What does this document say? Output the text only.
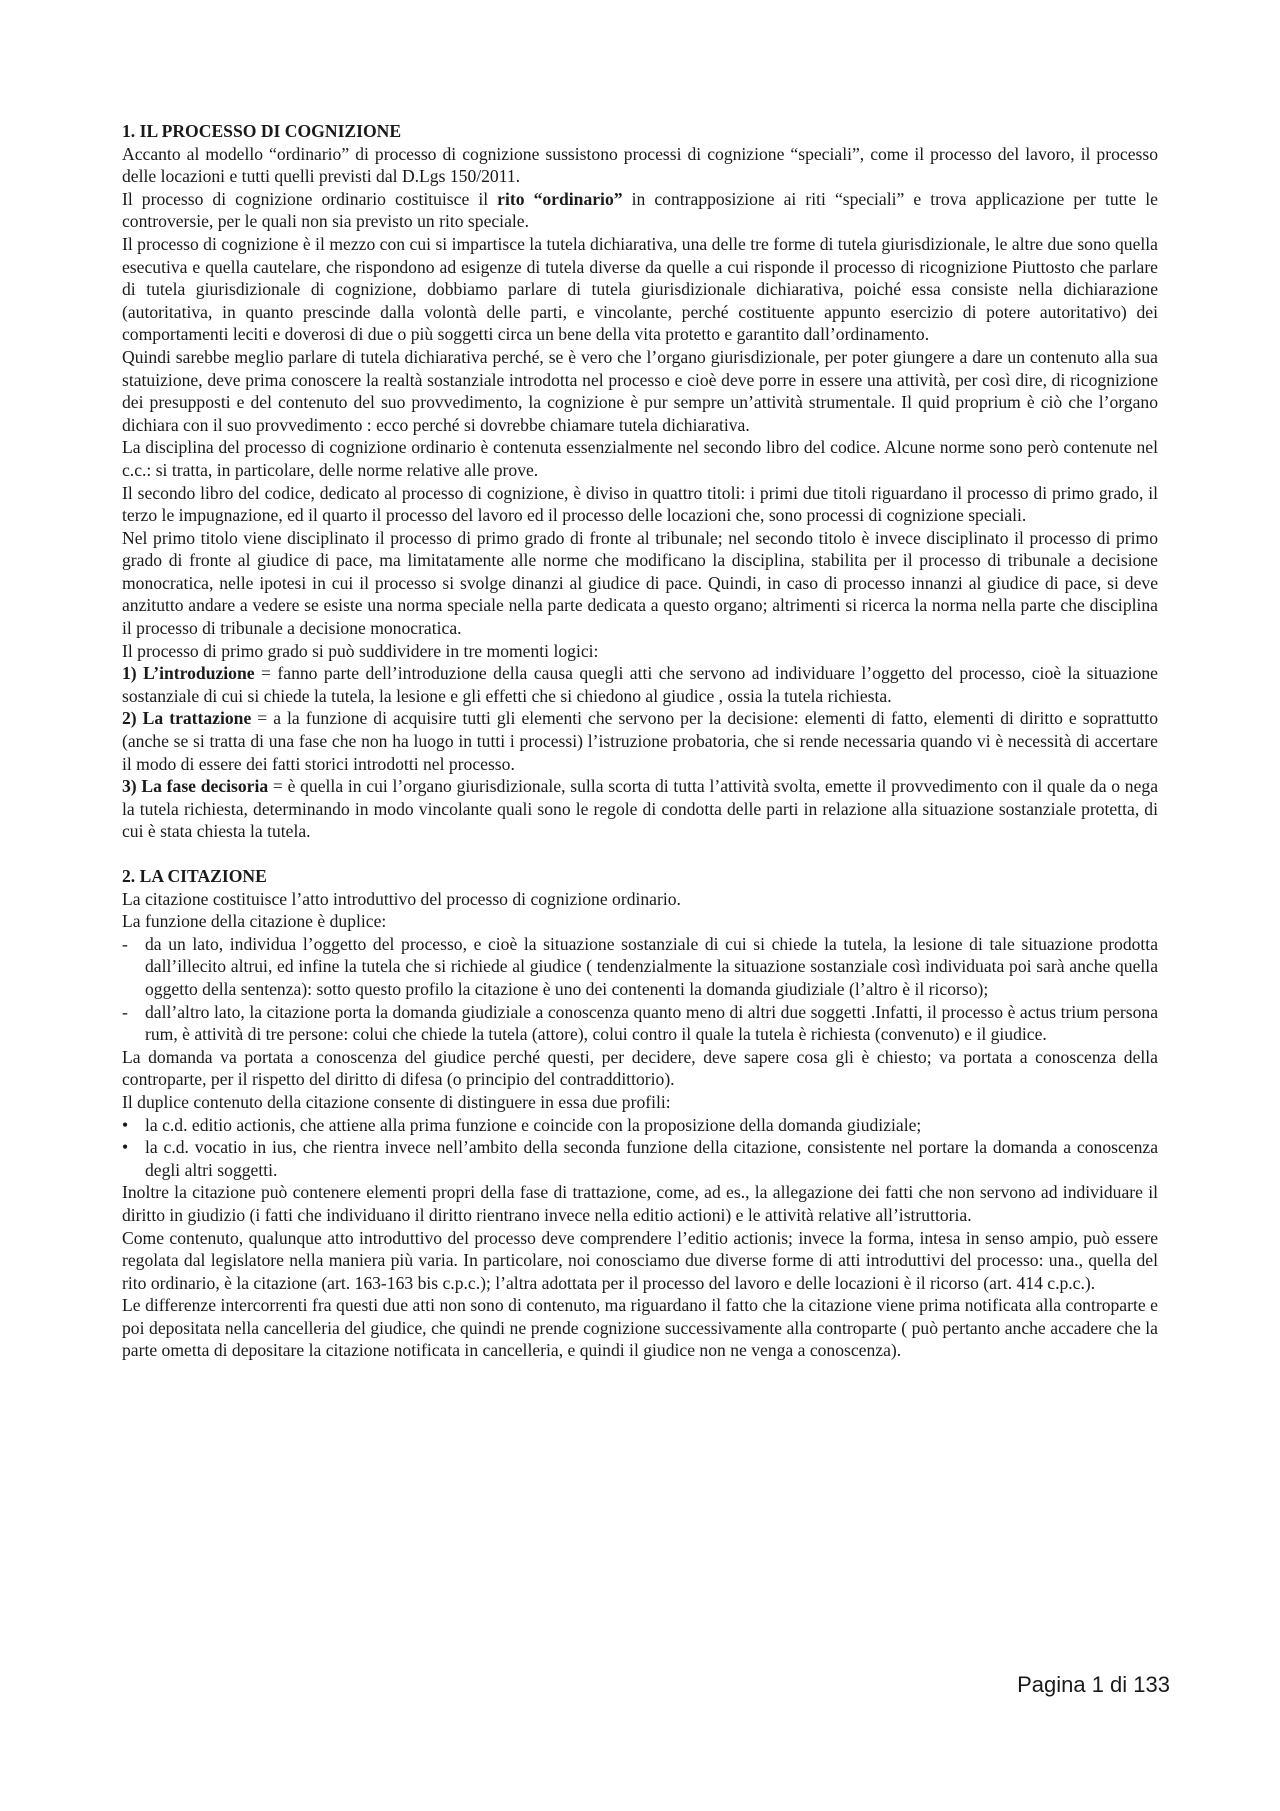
1. IL PROCESSO DI COGNIZIONE

Accanto al modello “ordinario” di processo di cognizione sussistono processi di cognizione “speciali”, come il processo del lavoro, il processo delle locazioni e tutti quelli previsti dal D.Lgs 150/2011.

Il processo di cognizione ordinario costituisce il rito “ordinario” in contrapposizione ai riti “speciali” e trova applicazione per tutte le controversie, per le quali non sia previsto un rito speciale.

Il processo di cognizione è il mezzo con cui si impartisce la tutela dichiarativa, una delle tre forme di tutela giurisdizionale, le altre due sono quella esecutiva e quella cautelare, che rispondono ad esigenze di tutela diverse da quelle a cui risponde il processo di ricognizione Piuttosto che parlare di tutela giurisdizionale di cognizione, dobbiamo parlare di tutela giurisdizionale dichiarativa, poiché essa consiste nella dichiarazione (autoritativa, in quanto prescinde dalla volontà delle parti, e vincolante, perché costituente appunto esercizio di potere autoritativo) dei comportamenti leciti e doverosi di due o più soggetti circa un bene della vita protetto e garantito dall’ordinamento.

Quindi sarebbe meglio parlare di tutela dichiarativa perché, se è vero che l’organo giurisdizionale, per poter giungere a dare un contenuto alla sua statuizione, deve prima conoscere la realtà sostanziale introdotta nel processo e cioè deve porre in essere una attività, per così dire, di ricognizione dei presupposti e del contenuto del suo provvedimento, la cognizione è pur sempre un’attività strumentale. Il quid proprium è ciò che l’organo dichiara con il suo provvedimento : ecco perché si dovrebbe chiamare tutela dichiarativa.

La disciplina del processo di cognizione ordinario è contenuta essenzialmente nel secondo libro del codice. Alcune norme sono però contenute nel c.c.: si tratta, in particolare, delle norme relative alle prove.

Il secondo libro del codice, dedicato al processo di cognizione, è diviso in quattro titoli: i primi due titoli riguardano il processo di primo grado, il terzo le impugnazione, ed il quarto il processo del lavoro ed il processo delle locazioni che, sono processi di cognizione speciali.

Nel primo titolo viene disciplinato il processo di primo grado di fronte al tribunale; nel secondo titolo è invece disciplinato il processo di primo grado di fronte al giudice di pace, ma limitatamente alle norme che modificano la disciplina, stabilita per il processo di tribunale a decisione monocratica, nelle ipotesi in cui il processo si svolge dinanzi al giudice di pace. Quindi, in caso di processo innanzi al giudice di pace, si deve anzitutto andare a vedere se esiste una norma speciale nella parte dedicata a questo organo; altrimenti si ricerca la norma nella parte che disciplina il processo di tribunale a decisione monocratica.

Il processo di primo grado si può suddividere in tre momenti logici:

1) L’introduzione = fanno parte dell’introduzione della causa quegli atti che servono ad individuare l’oggetto del processo, cioè la situazione sostanziale di cui si chiede la tutela, la lesione e gli effetti che si chiedono al giudice , ossia la tutela richiesta.

2) La trattazione = a la funzione di acquisire tutti gli elementi che servono per la decisione: elementi di fatto, elementi di diritto e soprattutto (anche se si tratta di una fase che non ha luogo in tutti i processi) l’istruzione probatoria, che si rende necessaria quando vi è necessità di accertare il modo di essere dei fatti storici introdotti nel processo.

3) La fase decisoria = è quella in cui l’organo giurisdizionale, sulla scorta di tutta l’attività svolta, emette il provvedimento con il quale da o nega la tutela richiesta, determinando in modo vincolante quali sono le regole di condotta delle parti in relazione alla situazione sostanziale protetta, di cui è stata chiesta la tutela.

2. LA CITAZIONE

La citazione costituisce l’atto introduttivo del processo di cognizione ordinario.

La funzione della citazione è duplice:

- da un lato, individua l’oggetto del processo, e cioè la situazione sostanziale di cui si chiede la tutela, la lesione di tale situazione prodotta dall’illecito altrui, ed infine la tutela che si richiede al giudice ( tendenzialmente la situazione sostanziale così individuata poi sarà anche quella oggetto della sentenza): sotto questo profilo la citazione è uno dei contenenti la domanda giudiziale (l’altro è il ricorso);
- dall’altro lato, la citazione porta la domanda giudiziale a conoscenza quanto meno di altri due soggetti .Infatti, il processo è actus trium persona rum, è attività di tre persone: colui che chiede la tutela (attore), colui contro il quale la tutela è richiesta (convenuto) e il giudice.

La domanda va portata a conoscenza del giudice perché questi, per decidere, deve sapere cosa gli è chiesto; va portata a conoscenza della controparte, per il rispetto del diritto di difesa (o principio del contraddittorio).

Il duplice contenuto della citazione consente di distinguere in essa due profili:

• la c.d. editio actionis, che attiene alla prima funzione e coincide con la proposizione della domanda giudiziale;
• la c.d. vocatio in ius, che rientra invece nell’ambito della seconda funzione della citazione, consistente nel portare la domanda a conoscenza degli altri soggetti.

Inoltre la citazione può contenere elementi propri della fase di trattazione, come, ad es., la allegazione dei fatti che non servono ad individuare il diritto in giudizio (i fatti che individuano il diritto rientrano invece nella editio actioni) e le attività relative all’istruttoria.

Come contenuto, qualunque atto introduttivo del processo deve comprendere l’editio actionis; invece la forma, intesa in senso ampio, può essere regolata dal legislatore nella maniera più varia. In particolare, noi conosciamo due diverse forme di atti introduttivi del processo: una., quella del rito ordinario, è la citazione (art. 163-163 bis c.p.c.); l’altra adottata per il processo del lavoro e delle locazioni è il ricorso (art. 414 c.p.c.).

Le differenze intercorrenti fra questi due atti non sono di contenuto, ma riguardano il fatto che la citazione viene prima notificata alla controparte e poi depositata nella cancelleria del giudice, che quindi ne prende cognizione successivamente alla controparte ( può pertanto anche accadere che la parte ometta di depositare la citazione notificata in cancelleria, e quindi il giudice non ne venga a conoscenza).

Pagina 1 di 133
